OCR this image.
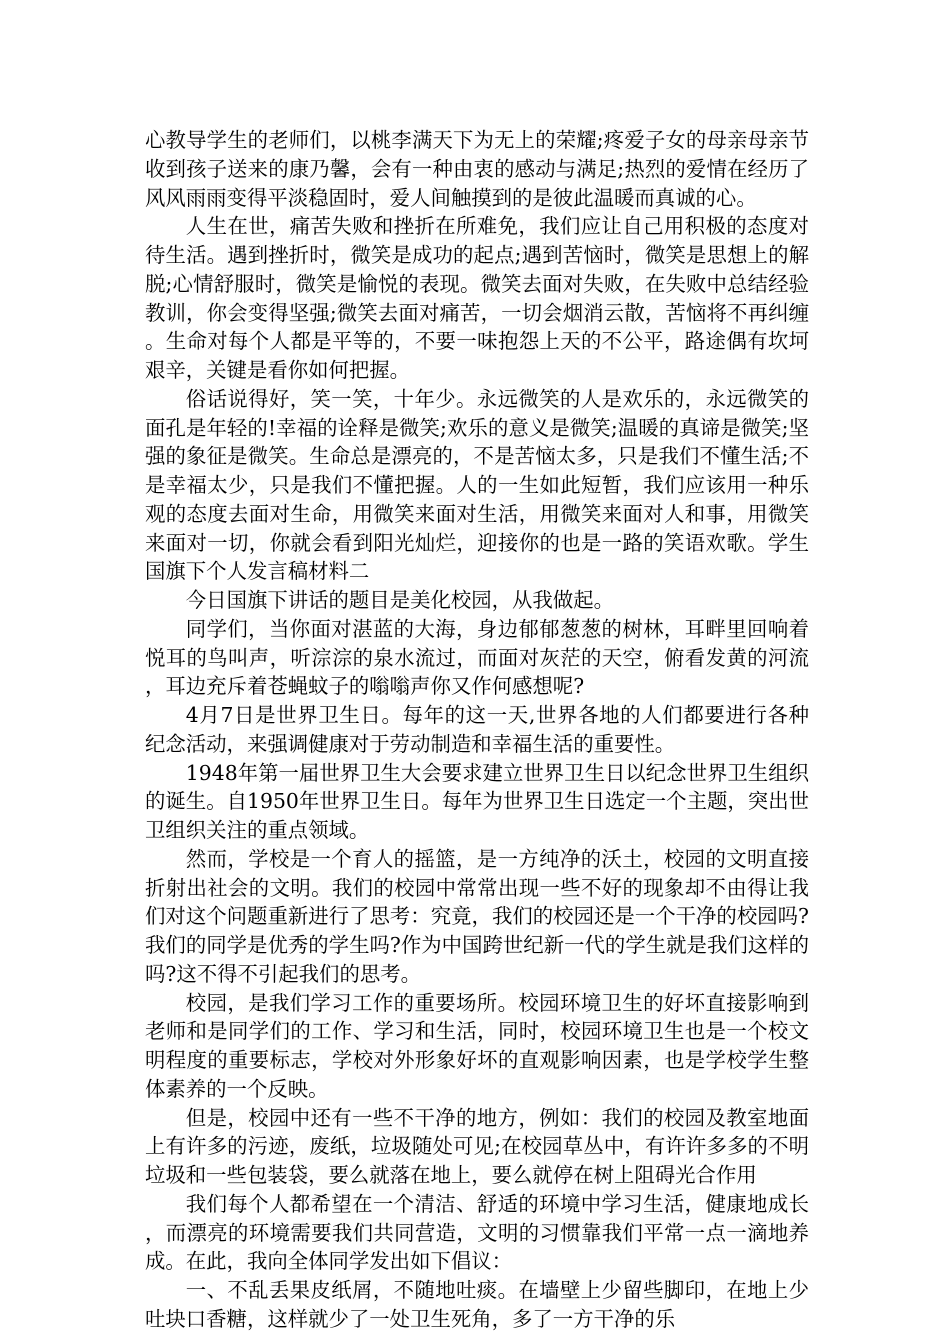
心教导学生的老师们，以桃李满天下为无上的荣耀;疼爱子女的母亲母亲节收到孩子送来的康乃馨，会有一种由衷的感动与满足;热烈的爱情在经历了风风雨雨变得平淡稳固时，爱人间触摸到的是彼此温暖而真诚的心。

人生在世，痛苦失败和挫折在所难免，我们应让自己用积极的态度对待生活。遇到挫折时，微笑是成功的起点;遇到苦恼时，微笑是思想上的解脱;心情舒服时，微笑是愉悦的表现。微笑去面对失败，在失败中总结经验教训，你会变得坚强;微笑去面对痛苦，一切会烟消云散，苦恼将不再纠缠。生命对每个人都是平等的，不要一味抱怨上天的不公平，路途偶有坎坷艰辛，关键是看你如何把握。

俗话说得好，笑一笑，十年少。永远微笑的人是欢乐的，永远微笑的面孔是年轻的!幸福的诠释是微笑;欢乐的意义是微笑;温暖的真谛是微笑;坚强的象征是微笑。生命总是漂亮的，不是苦恼太多，只是我们不懂生活;不是幸福太少，只是我们不懂把握。人的一生如此短暂，我们应该用一种乐观的态度去面对生命，用微笑来面对生活，用微笑来面对人和事，用微笑来面对一切，你就会看到阳光灿烂，迎接你的也是一路的笑语欢歌。学生国旗下个人发言稿材料二

今日国旗下讲话的题目是美化校园，从我做起。

同学们，当你面对湛蓝的大海，身边郁郁葱葱的树林，耳畔里回响着悦耳的鸟叫声，听淙淙的泉水流过，而面对灰茫的天空，俯看发黄的河流，耳边充斥着苍蝇蚊子的嗡嗡声你又作何感想呢?

4月7日是世界卫生日。每年的这一天,世界各地的人们都要进行各种纪念活动，来强调健康对于劳动制造和幸福生活的重要性。

1948年第一届世界卫生大会要求建立世界卫生日以纪念世界卫生组织的诞生。自1950年世界卫生日。每年为世界卫生日选定一个主题，突出世卫组织关注的重点领域。

然而，学校是一个育人的摇篮，是一方纯净的沃土，校园的文明直接折射出社会的文明。我们的校园中常常出现一些不好的现象却不由得让我们对这个问题重新进行了思考：究竟，我们的校园还是一个干净的校园吗?我们的同学是优秀的学生吗?作为中国跨世纪新一代的学生就是我们这样的吗?这不得不引起我们的思考。

校园，是我们学习工作的重要场所。校园环境卫生的好坏直接影响到老师和是同学们的工作、学习和生活，同时，校园环境卫生也是一个校文明程度的重要标志，学校对外形象好坏的直观影响因素，也是学校学生整体素养的一个反映。

但是，校园中还有一些不干净的地方，例如：我们的校园及教室地面上有许多的污迹，废纸，垃圾随处可见;在校园草丛中，有许许多多的不明垃圾和一些包装袋，要么就落在地上，要么就停在树上阻碍光合作用

我们每个人都希望在一个清洁、舒适的环境中学习生活，健康地成长，而漂亮的环境需要我们共同营造，文明的习惯靠我们平常一点一滴地养成。在此，我向全体同学发出如下倡议：

一、不乱丢果皮纸屑，不随地吐痰。在墙壁上少留些脚印，在地上少吐块口香糖，这样就少了一处卫生死角，多了一方干净的乐
